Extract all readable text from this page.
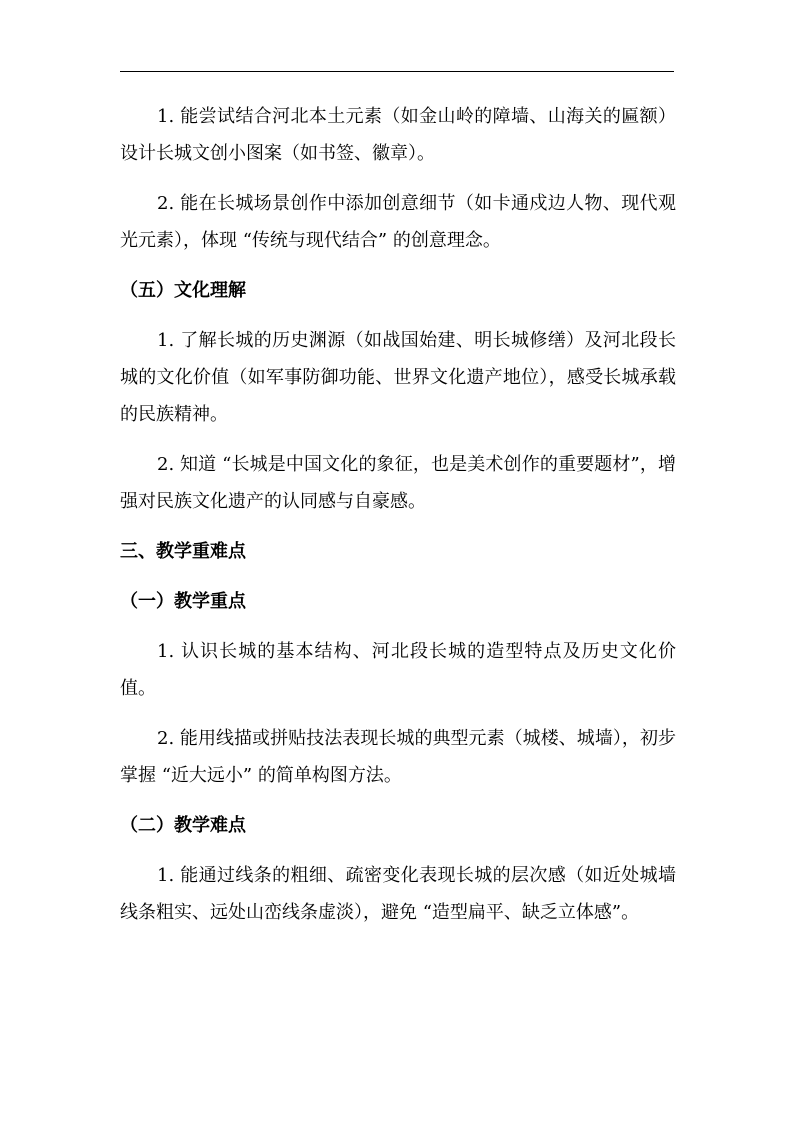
1. 能尝试结合河北本土元素（如金山岭的障墙、山海关的匾额）设计长城文创小图案（如书签、徽章）。

2. 能在长城场景创作中添加创意细节（如卡通戍边人物、现代观光元素），体现 “传统与现代结合” 的创意理念。

（五）文化理解

1. 了解长城的历史渊源（如战国始建、明长城修缮）及河北段长城的文化价值（如军事防御功能、世界文化遗产地位），感受长城承载的民族精神。

2. 知道 “长城是中国文化的象征，也是美术创作的重要题材”，增强对民族文化遗产的认同感与自豪感。

三、教学重难点
（一）教学重点

1. 认识长城的基本结构、河北段长城的造型特点及历史文化价值。

2. 能用线描或拼贴技法表现长城的典型元素（城楼、城墙），初步掌握 “近大远小” 的简单构图方法。

（二）教学难点

1. 能通过线条的粗细、疏密变化表现长城的层次感（如近处城墙线条粗实、远处山峦线条虚淡），避免 “造型扁平、缺乏立体感”。
